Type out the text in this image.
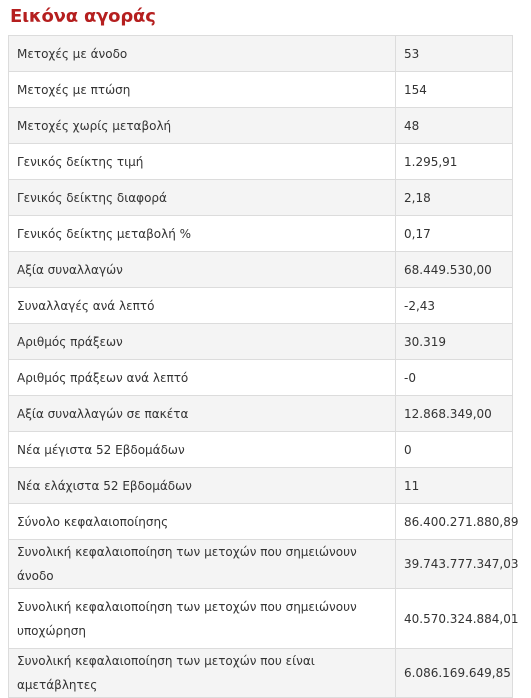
Εικόνα αγοράς
Μετοχές με άνοδο	53
Μετοχές με πτώση	154
Μετοχές χωρίς μεταβολή	48
Γενικός δείκτης τιμή	1.295,91
Γενικός δείκτης διαφορά	2,18
Γενικός δείκτης μεταβολή %	0,17
Αξία συναλλαγών	68.449.530,00
Συναλλαγές ανά λεπτό	-2,43
Αριθμός πράξεων	30.319
Αριθμός πράξεων ανά λεπτό	-0
Αξία συναλλαγών σε πακέτα	12.868.349,00
Νέα μέγιστα 52 Εβδομάδων	0
Νέα ελάχιστα 52 Εβδομάδων	11
Σύνολο κεφαλαιοποίησης	86.400.271.880,89
Συνολική κεφαλαιοποίηση των μετοχών που σημειώνουν άνοδο	39.743.777.347,03
Συνολική κεφαλαιοποίηση των μετοχών που σημειώνουν υποχώρηση	40.570.324.884,01
Συνολική κεφαλαιοποίηση των μετοχών που είναι αμετάβλητες	6.086.169.649,85
